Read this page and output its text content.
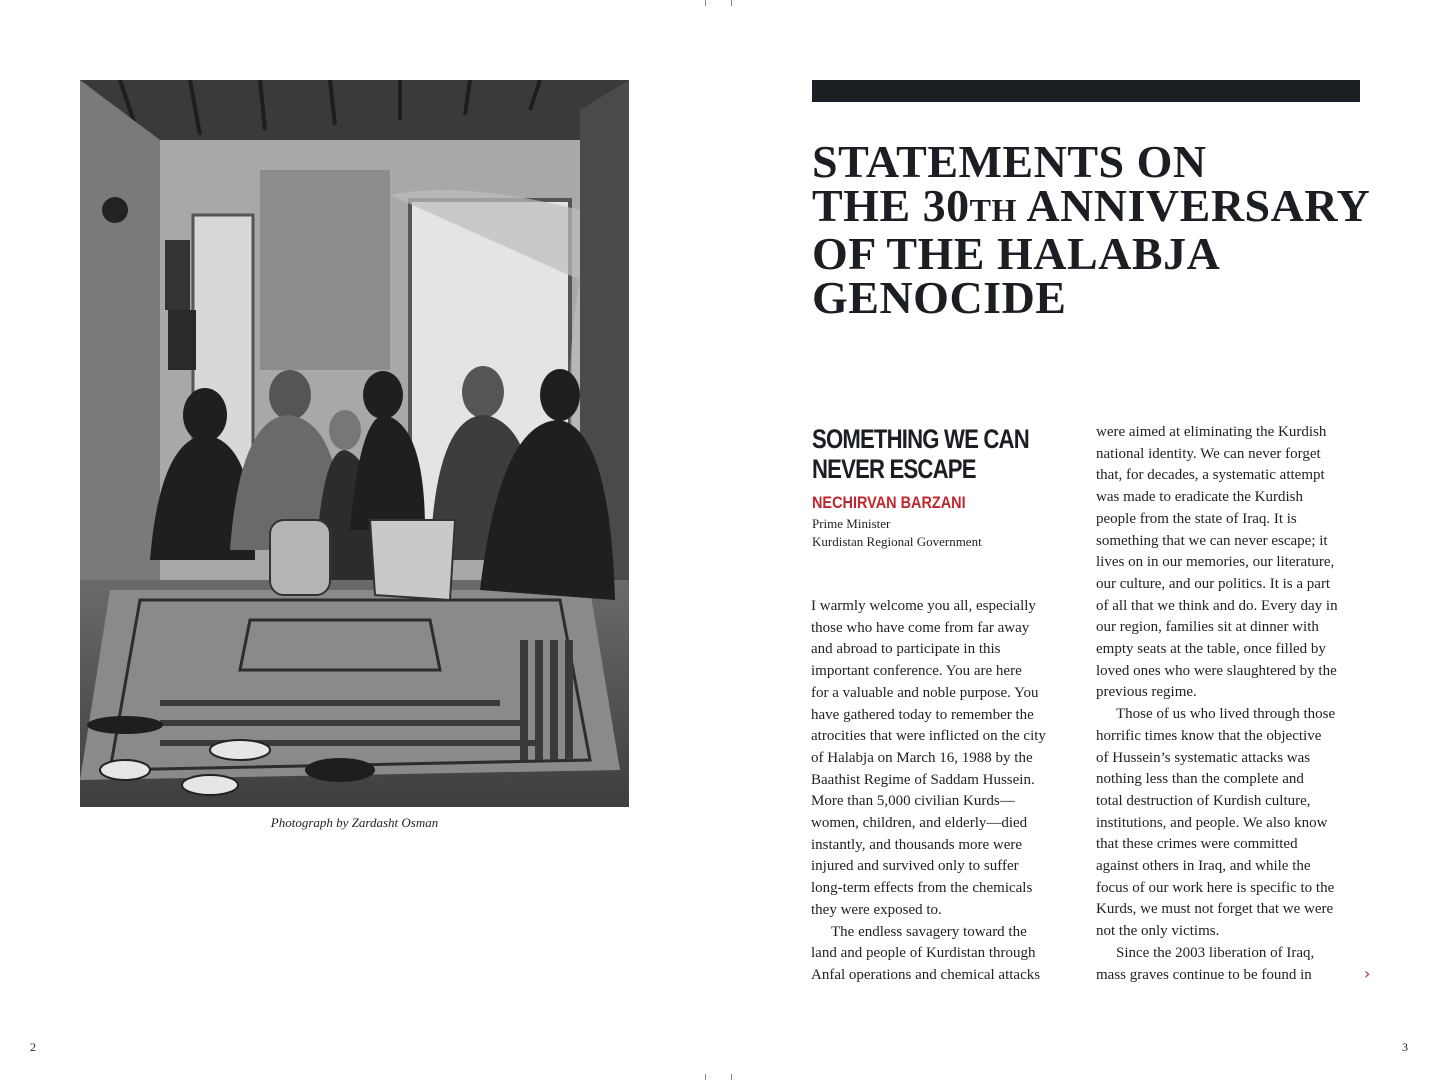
Photograph by Zardasht Osman
2	3
STATEMENTS ON
THE 30TH ANNIVERSARY
OF THE HALABJA
GENOCIDE
SOMETHING WE CAN
NEVER ESCAPE
NECHIRVAN BARZANI
Prime Minister
Kurdistan Regional Government
I warmly welcome you all, especially
those who have come from far away
and abroad to participate in this
important conference. You are here
for a valuable and noble purpose. You
have gathered today to remember the
atrocities that were inflicted on the city
of Halabja on March 16, 1988 by the
Baathist Regime of Saddam Hussein.
More than 5,000 civilian Kurds—
women, children, and elderly—died
instantly, and thousands more were
injured and survived only to suffer
long-term effects from the chemicals
they were exposed to.
The endless savagery toward the
land and people of Kurdistan through
Anfal operations and chemical attacks
were aimed at eliminating the Kurdish
national identity. We can never forget
that, for decades, a systematic attempt
was made to eradicate the Kurdish
people from the state of Iraq. It is
something that we can never escape; it
lives on in our memories, our literature,
our culture, and our politics. It is a part
of all that we think and do. Every day in
our region, families sit at dinner with
empty seats at the table, once filled by
loved ones who were slaughtered by the
previous regime.
Those of us who lived through those
horrific times know that the objective
of Hussein’s systematic attacks was
nothing less than the complete and
total destruction of Kurdish culture,
institutions, and people. We also know
that these crimes were committed
against others in Iraq, and while the
focus of our work here is specific to the
Kurds, we must not forget that we were
not the only victims.
Since the 2003 liberation of Iraq,
mass graves continue to be found in	›
